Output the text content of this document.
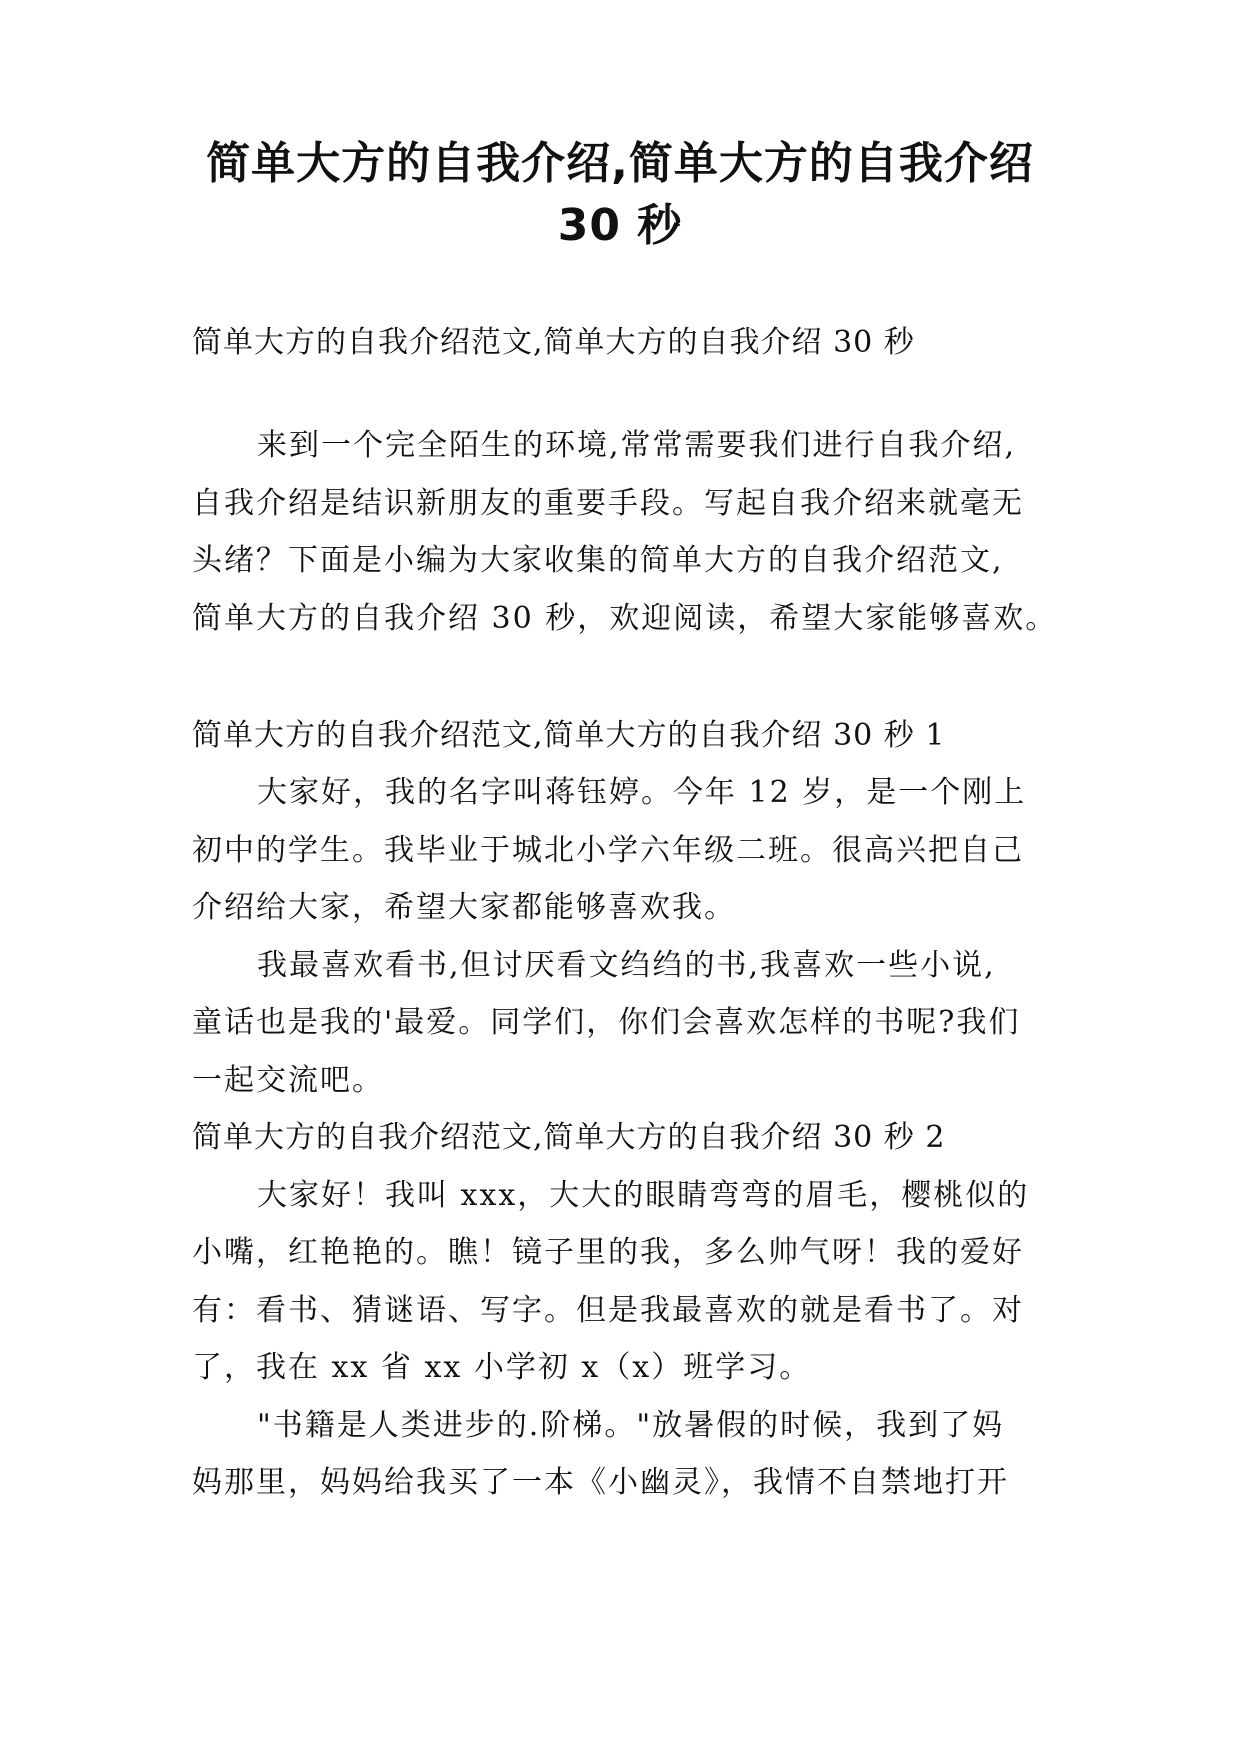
简单大方的自我介绍,简单大方的自我介绍
30 秒

简单大方的自我介绍范文,简单大方的自我介绍 30 秒

来到一个完全陌生的环境,常常需要我们进行自我介绍,

自我介绍是结识新朋友的重要手段。写起自我介绍来就毫无

头绪？下面是小编为大家收集的简单大方的自我介绍范文,

简单大方的自我介绍 30 秒，欢迎阅读，希望大家能够喜欢。

简单大方的自我介绍范文,简单大方的自我介绍 30 秒 1

大家好，我的名字叫蒋钰婷。今年 12 岁，是一个刚上

初中的学生。我毕业于城北小学六年级二班。很高兴把自己

介绍给大家，希望大家都能够喜欢我。

我最喜欢看书,但讨厌看文绉绉的书,我喜欢一些小说,

童话也是我的'最爱。同学们，你们会喜欢怎样的书呢?我们

一起交流吧。

简单大方的自我介绍范文,简单大方的自我介绍 30 秒 2

大家好！我叫 xxx，大大的眼睛弯弯的眉毛，樱桃似的

小嘴，红艳艳的。瞧！镜子里的我，多么帅气呀！我的爱好

有：看书、猜谜语、写字。但是我最喜欢的就是看书了。对

了，我在 xx 省 xx 小学初 x（x）班学习。

"书籍是人类进步的.阶梯。"放暑假的时候，我到了妈

妈那里，妈妈给我买了一本《小幽灵》，我情不自禁地打开
